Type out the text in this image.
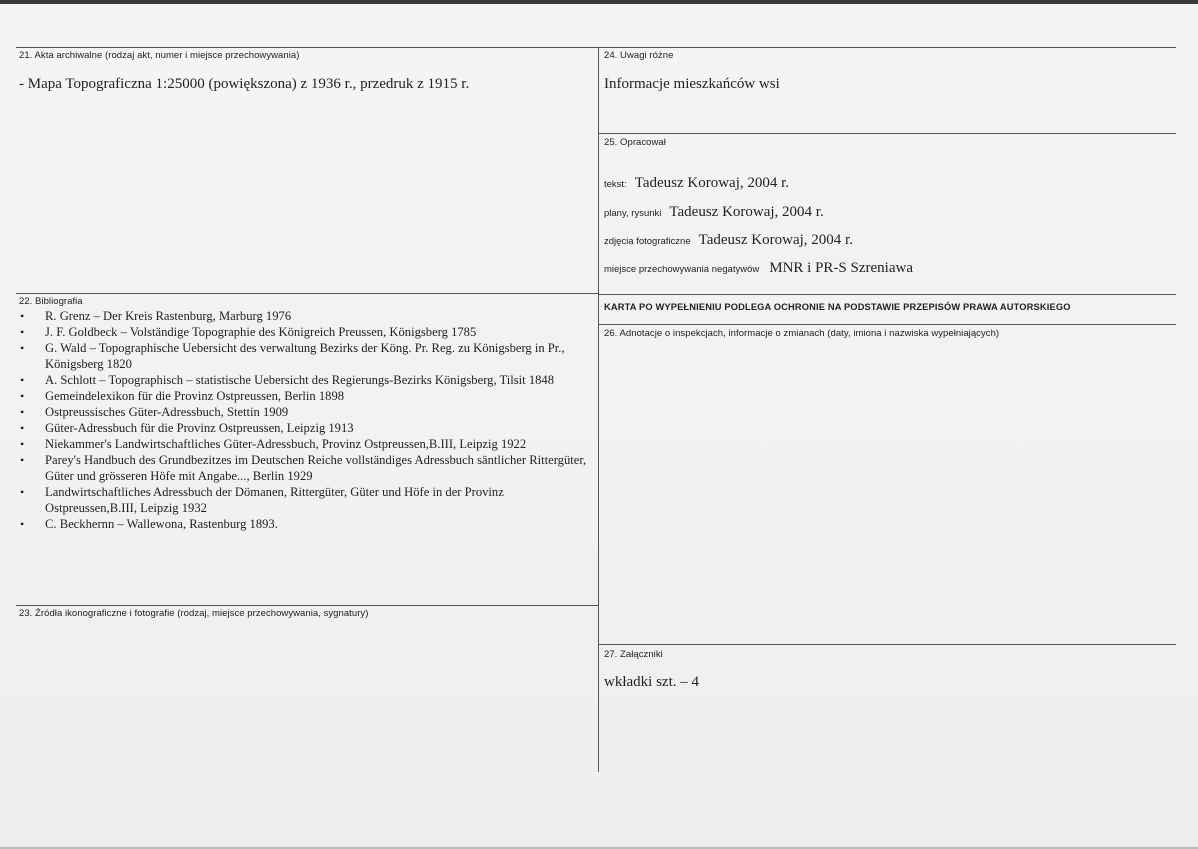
21. Akta archiwalne (rodzaj akt, numer i miejsce przechowywania)
- Mapa Topograficzna 1:25000 (powiększona) z 1936 r., przedruk z 1915 r.
22. Bibliografia
• R. Grenz – Der Kreis Rastenburg, Marburg 1976
• J. F. Goldbeck – Volständige Topographie des Königreich Preussen, Königsberg 1785
• G. Wald – Topographische Uebersicht des verwaltung Bezirks der Köng. Pr. Reg. zu Königsberg in Pr., Königsberg 1820
• A. Schlott – Topographisch – statistische Uebersicht des Regierungs-Bezirks Königsberg, Tilsit 1848
• Gemeindelexikon für die Provinz Ostpreussen, Berlin 1898
• Ostpreussisches Güter-Adressbuch, Stettin 1909
• Güter-Adressbuch für die Provinz Ostpreussen, Leipzig 1913
• Niekammer's Landwirtschaftliches Güter-Adressbuch, Provinz Ostpreussen,B.III, Leipzig 1922
• Parey's Handbuch des Grundbezitzes im Deutschen Reiche vollständiges Adressbuch säntlicher Rittergüter, Güter und grösseren Höfe mit Angabe..., Berlin 1929
• Landwirtschaftliches Adressbuch der Dömanen, Rittergüter, Güter und Höfe in der Provinz Ostpreussen,B.III, Leipzig 1932
• C. Beckhernn – Wallewona, Rastenburg 1893.
23. Źródła ikonograficzne i fotografie (rodzaj, miejsce przechowywania, sygnatury)
24. Uwagi różne
Informacje mieszkańców wsi
25. Opracował
tekst: Tadeusz Korowaj, 2004 r.
plany, rysunki Tadeusz Korowaj, 2004 r.
zdjęcia fotograficzne Tadeusz Korowaj, 2004 r.
miejsce przechowywania negatywów MNR i PR-S Szreniawa
KARTA PO WYPEŁNIENIU PODLEGA OCHRONIE NA PODSTAWIE PRZEPISÓW PRAWA AUTORSKIEGO
26. Adnotacje o inspekcjach, informacje o zmianach (daty, imiona i nazwiska wypełniających)
27. Załączniki
wkładki szt. – 4
